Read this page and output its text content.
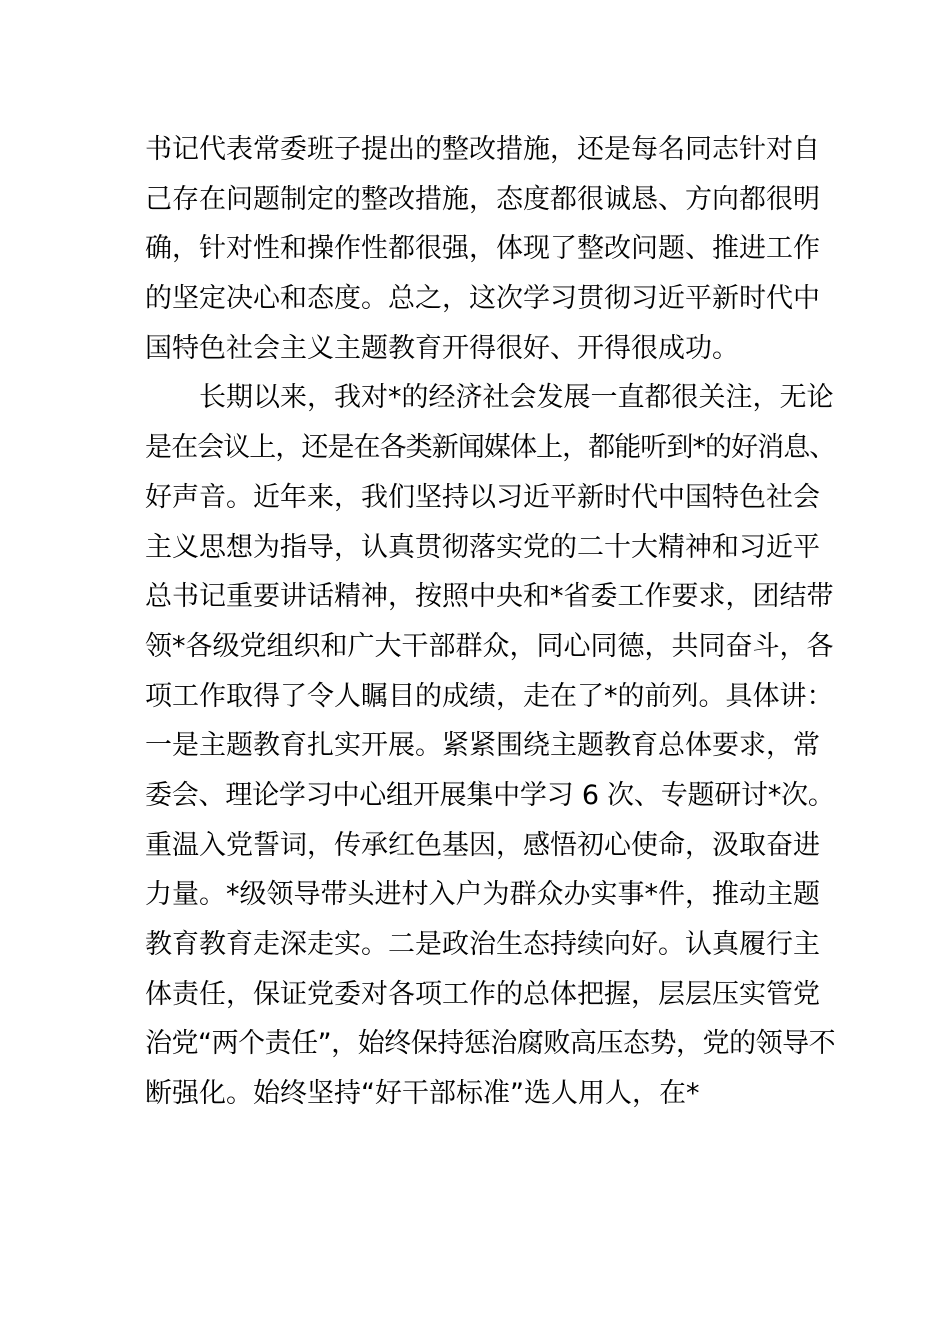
书记代表常委班子提出的整改措施，还是每名同志针对自
己存在问题制定的整改措施，态度都很诚恳、方向都很明
确，针对性和操作性都很强，体现了整改问题、推进工作
的坚定决心和态度。总之，这次学习贯彻习近平新时代中
国特色社会主义主题教育开得很好、开得很成功。
长期以来，我对*的经济社会发展一直都很关注，无论
是在会议上，还是在各类新闻媒体上，都能听到*的好消息、
好声音。近年来，我们坚持以习近平新时代中国特色社会
主义思想为指导，认真贯彻落实党的二十大精神和习近平
总书记重要讲话精神，按照中央和*省委工作要求，团结带
领*各级党组织和广大干部群众，同心同德，共同奋斗，各
项工作取得了令人瞩目的成绩，走在了*的前列。具体讲：
一是主题教育扎实开展。紧紧围绕主题教育总体要求，常
委会、理论学习中心组开展集中学习 6 次、专题研讨*次。
重温入党誓词，传承红色基因，感悟初心使命，汲取奋进
力量。*级领导带头进村入户为群众办实事*件，推动主题
教育教育走深走实。二是政治生态持续向好。认真履行主
体责任，保证党委对各项工作的总体把握，层层压实管党
治党“两个责任”，始终保持惩治腐败高压态势，党的领导不
断强化。始终坚持“好干部标准”选人用人，在*
